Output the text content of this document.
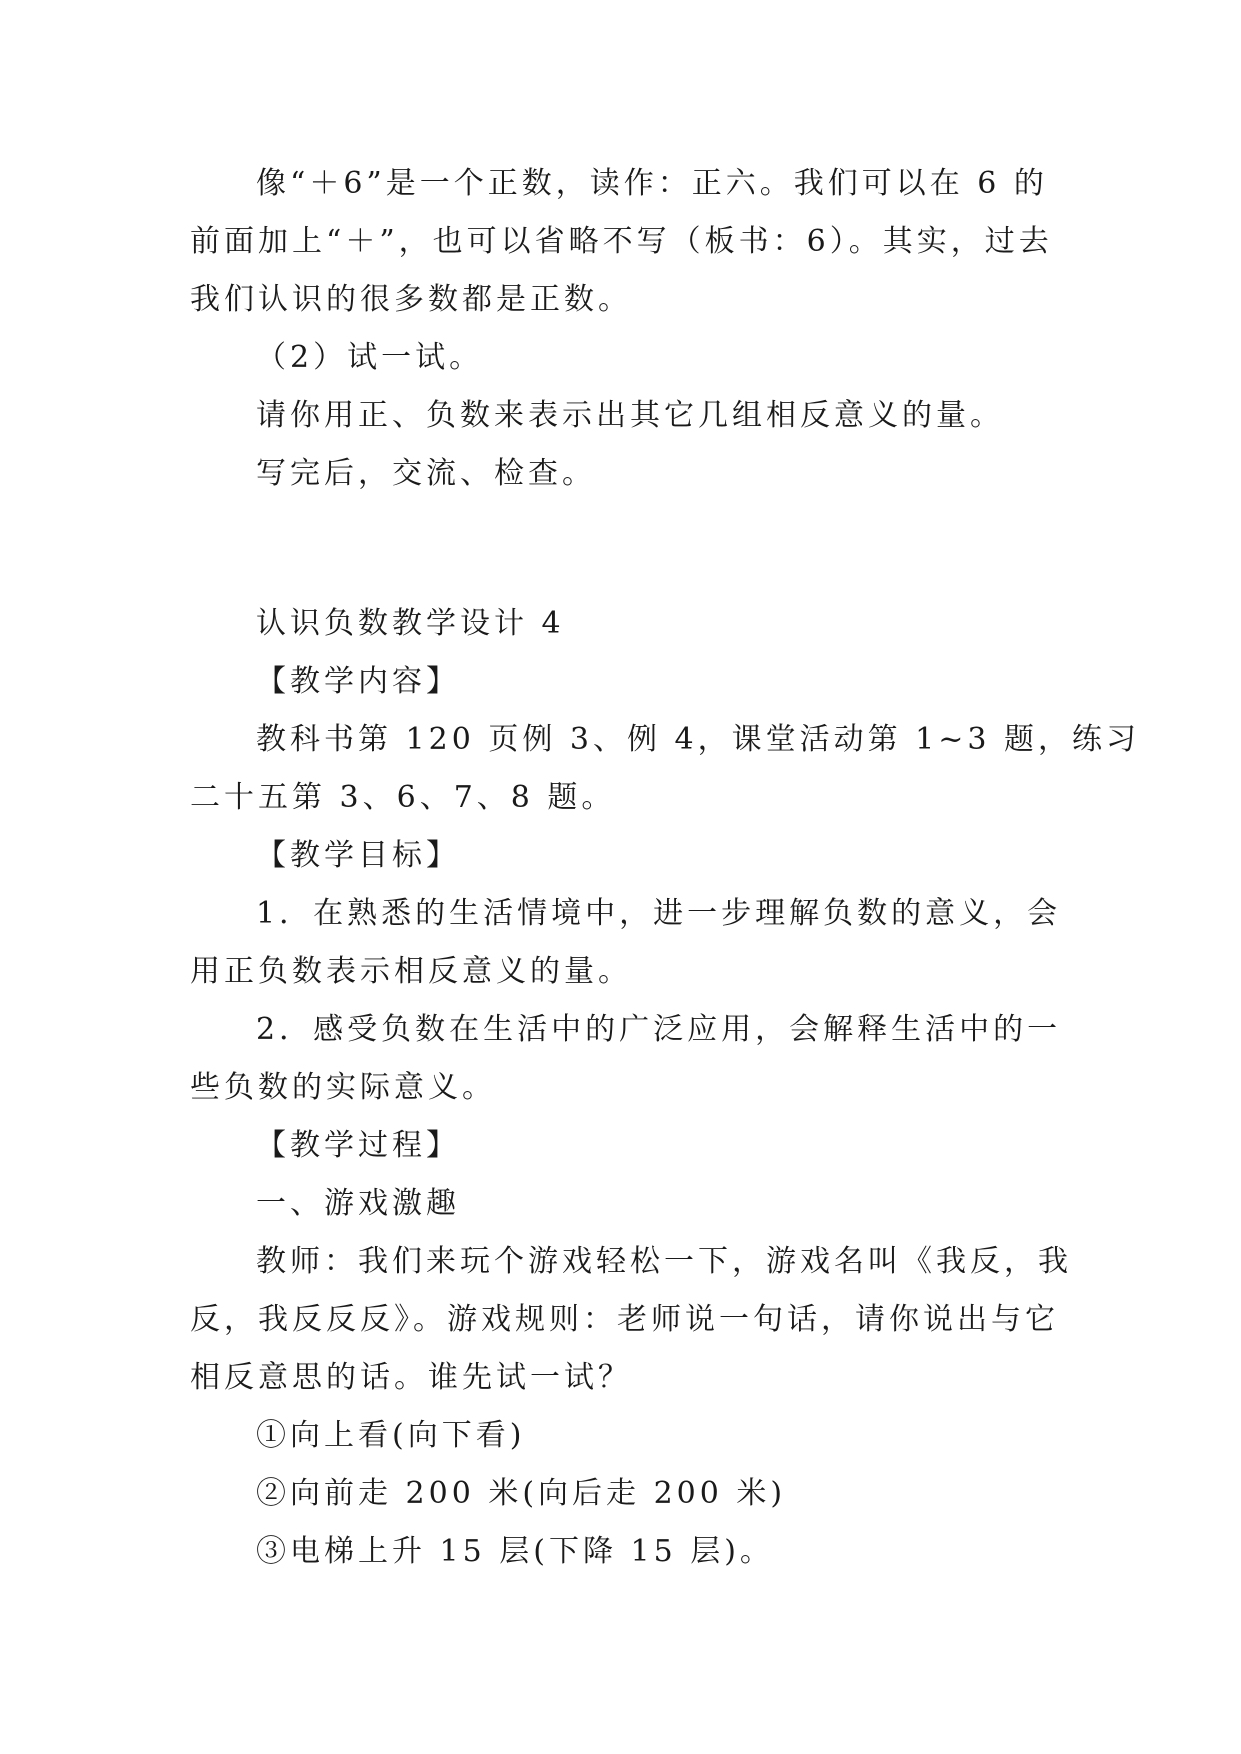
像“＋6”是一个正数，读作：正六。我们可以在 6 的

前面加上“＋”，也可以省略不写（板书：6）。其实，过去

我们认识的很多数都是正数。

（2）试一试。

请你用正、负数来表示出其它几组相反意义的量。

写完后，交流、检查。

认识负数教学设计 4

【教学内容】

教科书第 120 页例 3、例 4，课堂活动第 1~3 题，练习

二十五第 3、6、7、8 题。

【教学目标】

1．在熟悉的生活情境中，进一步理解负数的意义，会

用正负数表示相反意义的量。

2．感受负数在生活中的广泛应用，会解释生活中的一

些负数的实际意义。

【教学过程】

一、游戏激趣

教师：我们来玩个游戏轻松一下，游戏名叫《我反，我

反，我反反反》。游戏规则：老师说一句话，请你说出与它

相反意思的话。谁先试一试？

①向上看(向下看)

②向前走 200 米(向后走 200 米)

③电梯上升 15 层(下降 15 层)。
